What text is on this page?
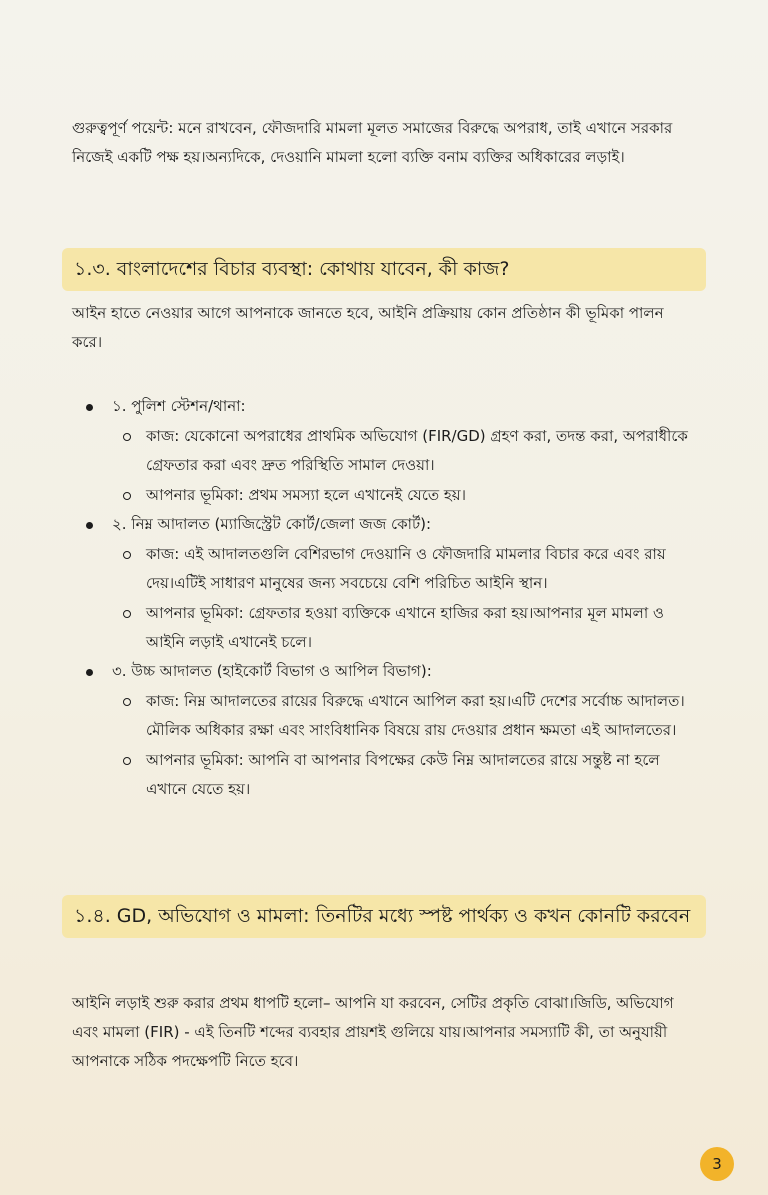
গুরুত্বপূর্ণ পয়েন্ট: মনে রাখবেন, ফৌজদারি মামলা মূলত সমাজের বিরুদ্ধে অপরাধ, তাই এখানে সরকার নিজেই একটি পক্ষ হয়।অন্যদিকে, দেওয়ানি মামলা হলো ব্যক্তি বনাম ব্যক্তির অধিকারের লড়াই।

১.৩. বাংলাদেশের বিচার ব্যবস্থা: কোথায় যাবেন, কী কাজ?

আইন হাতে নেওয়ার আগে আপনাকে জানতে হবে, আইনি প্রক্রিয়ায় কোন প্রতিষ্ঠান কী ভূমিকা পালন করে।

১. পুলিশ স্টেশন/থানা:
কাজ: যেকোনো অপরাধের প্রাথমিক অভিযোগ (FIR/GD) গ্রহণ করা, তদন্ত করা, অপরাধীকে গ্রেফতার করা এবং দ্রুত পরিস্থিতি সামাল দেওয়া।
আপনার ভূমিকা: প্রথম সমস্যা হলে এখানেই যেতে হয়।
২. নিম্ন আদালত (ম্যাজিস্ট্রেট কোর্ট/জেলা জজ কোর্ট):
কাজ: এই আদালতগুলি বেশিরভাগ দেওয়ানি ও ফৌজদারি মামলার বিচার করে এবং রায় দেয়।এটিই সাধারণ মানুষের জন্য সবচেয়ে বেশি পরিচিত আইনি স্থান।
আপনার ভূমিকা: গ্রেফতার হওয়া ব্যক্তিকে এখানে হাজির করা হয়।আপনার মূল মামলা ও আইনি লড়াই এখানেই চলে।
৩. উচ্চ আদালত (হাইকোর্ট বিভাগ ও আপিল বিভাগ):
কাজ: নিম্ন আদালতের রায়ের বিরুদ্ধে এখানে আপিল করা হয়।এটি দেশের সর্বোচ্চ আদালত।মৌলিক অধিকার রক্ষা এবং সাংবিধানিক বিষয়ে রায় দেওয়ার প্রধান ক্ষমতা এই আদালতের।
আপনার ভূমিকা: আপনি বা আপনার বিপক্ষের কেউ নিম্ন আদালতের রায়ে সন্তুষ্ট না হলে এখানে যেতে হয়।
১.৪. GD, অভিযোগ ও মামলা: তিনটির মধ্যে স্পষ্ট পার্থক্য ও কখন কোনটি করবেন

আইনি লড়াই শুরু করার প্রথম ধাপটি হলো– আপনি যা করবেন, সেটির প্রকৃতি বোঝা।জিডি, অভিযোগ এবং মামলা (FIR) - এই তিনটি শব্দের ব্যবহার প্রায়শই গুলিয়ে যায়।আপনার সমস্যাটি কী, তা অনুযায়ী আপনাকে সঠিক পদক্ষেপটি নিতে হবে।

3
